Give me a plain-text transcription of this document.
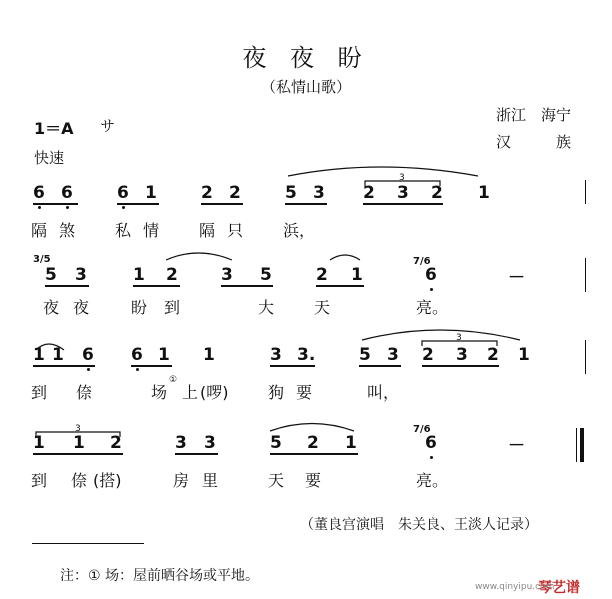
夜 夜 盼
（私情山歌）
1＝A サ
快速
浙江　海宁
汉　　　族
3
3
3
6 6	6 1	2 2	5 3 2 3 2 1
隔 煞 私 情 隔 只 浜，
3/5
5 3	1 2	3 5	2 1
7/6
6	－
夜 夜	盼 到	大 天	亮。
1 1 6 6 1 1	3 3.	5 3 2 3 2 1
到 倷	场
①
上 (啰) 狗 要	叫，
1 1 2	3 3	5 2 1
7/6
6	－
到 倷 (搭)	房 里	天 要	亮。
（董良宫演唱　朱关良、王淡人记录）
注：① 场：屋前晒谷场或平地。
琴艺谱
www.qinyipu.com
